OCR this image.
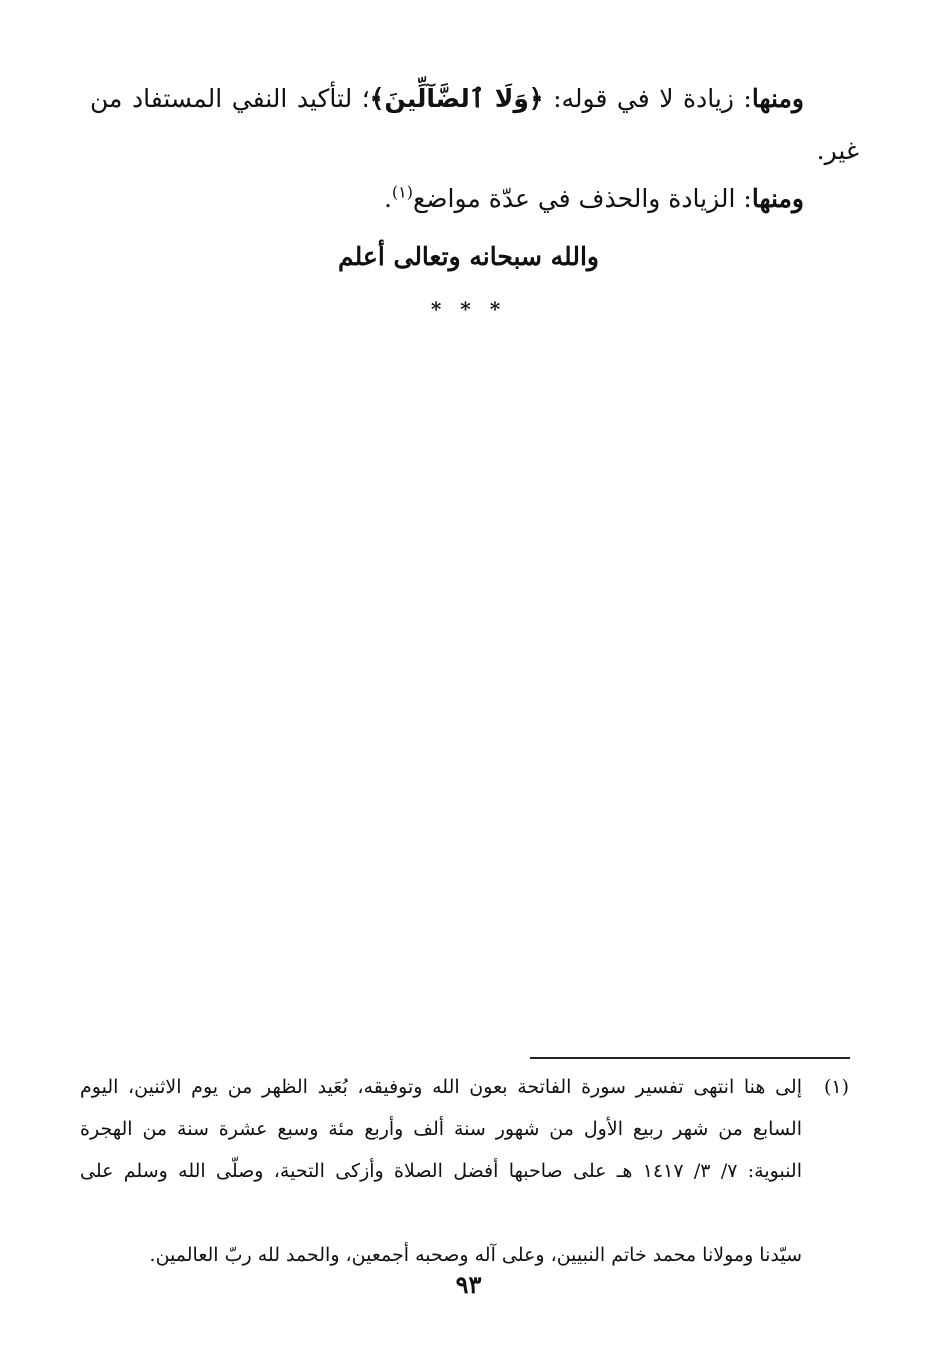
ومنها: زيادة لا في قوله: ﴿وَلَا ٱلضَّآلِّينَ﴾؛ لتأكيد النفي المستفاد من
غير.
ومنها: الزيادة والحذف في عدّة مواضع$^{(١)}$.
والله سبحانه وتعالى أعلم
* * *
(١)
إلى هنا انتهى تفسير سورة الفاتحة بعون الله وتوفيقه، بُعَيد الظهر من يوم الاثنين، اليوم
السابع من شهر ربيع الأول من شهور سنة ألف وأربع مئة وسبع عشرة سنة من الهجرة
النبوية: ٧/ ٣/ ١٤١٧ هـ على صاحبها أفضل الصلاة وأزكى التحية، وصلّى الله وسلم على
سيّدنا ومولانا محمد خاتم النبيين، وعلى آله وصحبه أجمعين، والحمد لله ربّ العالمين.
٩٣
